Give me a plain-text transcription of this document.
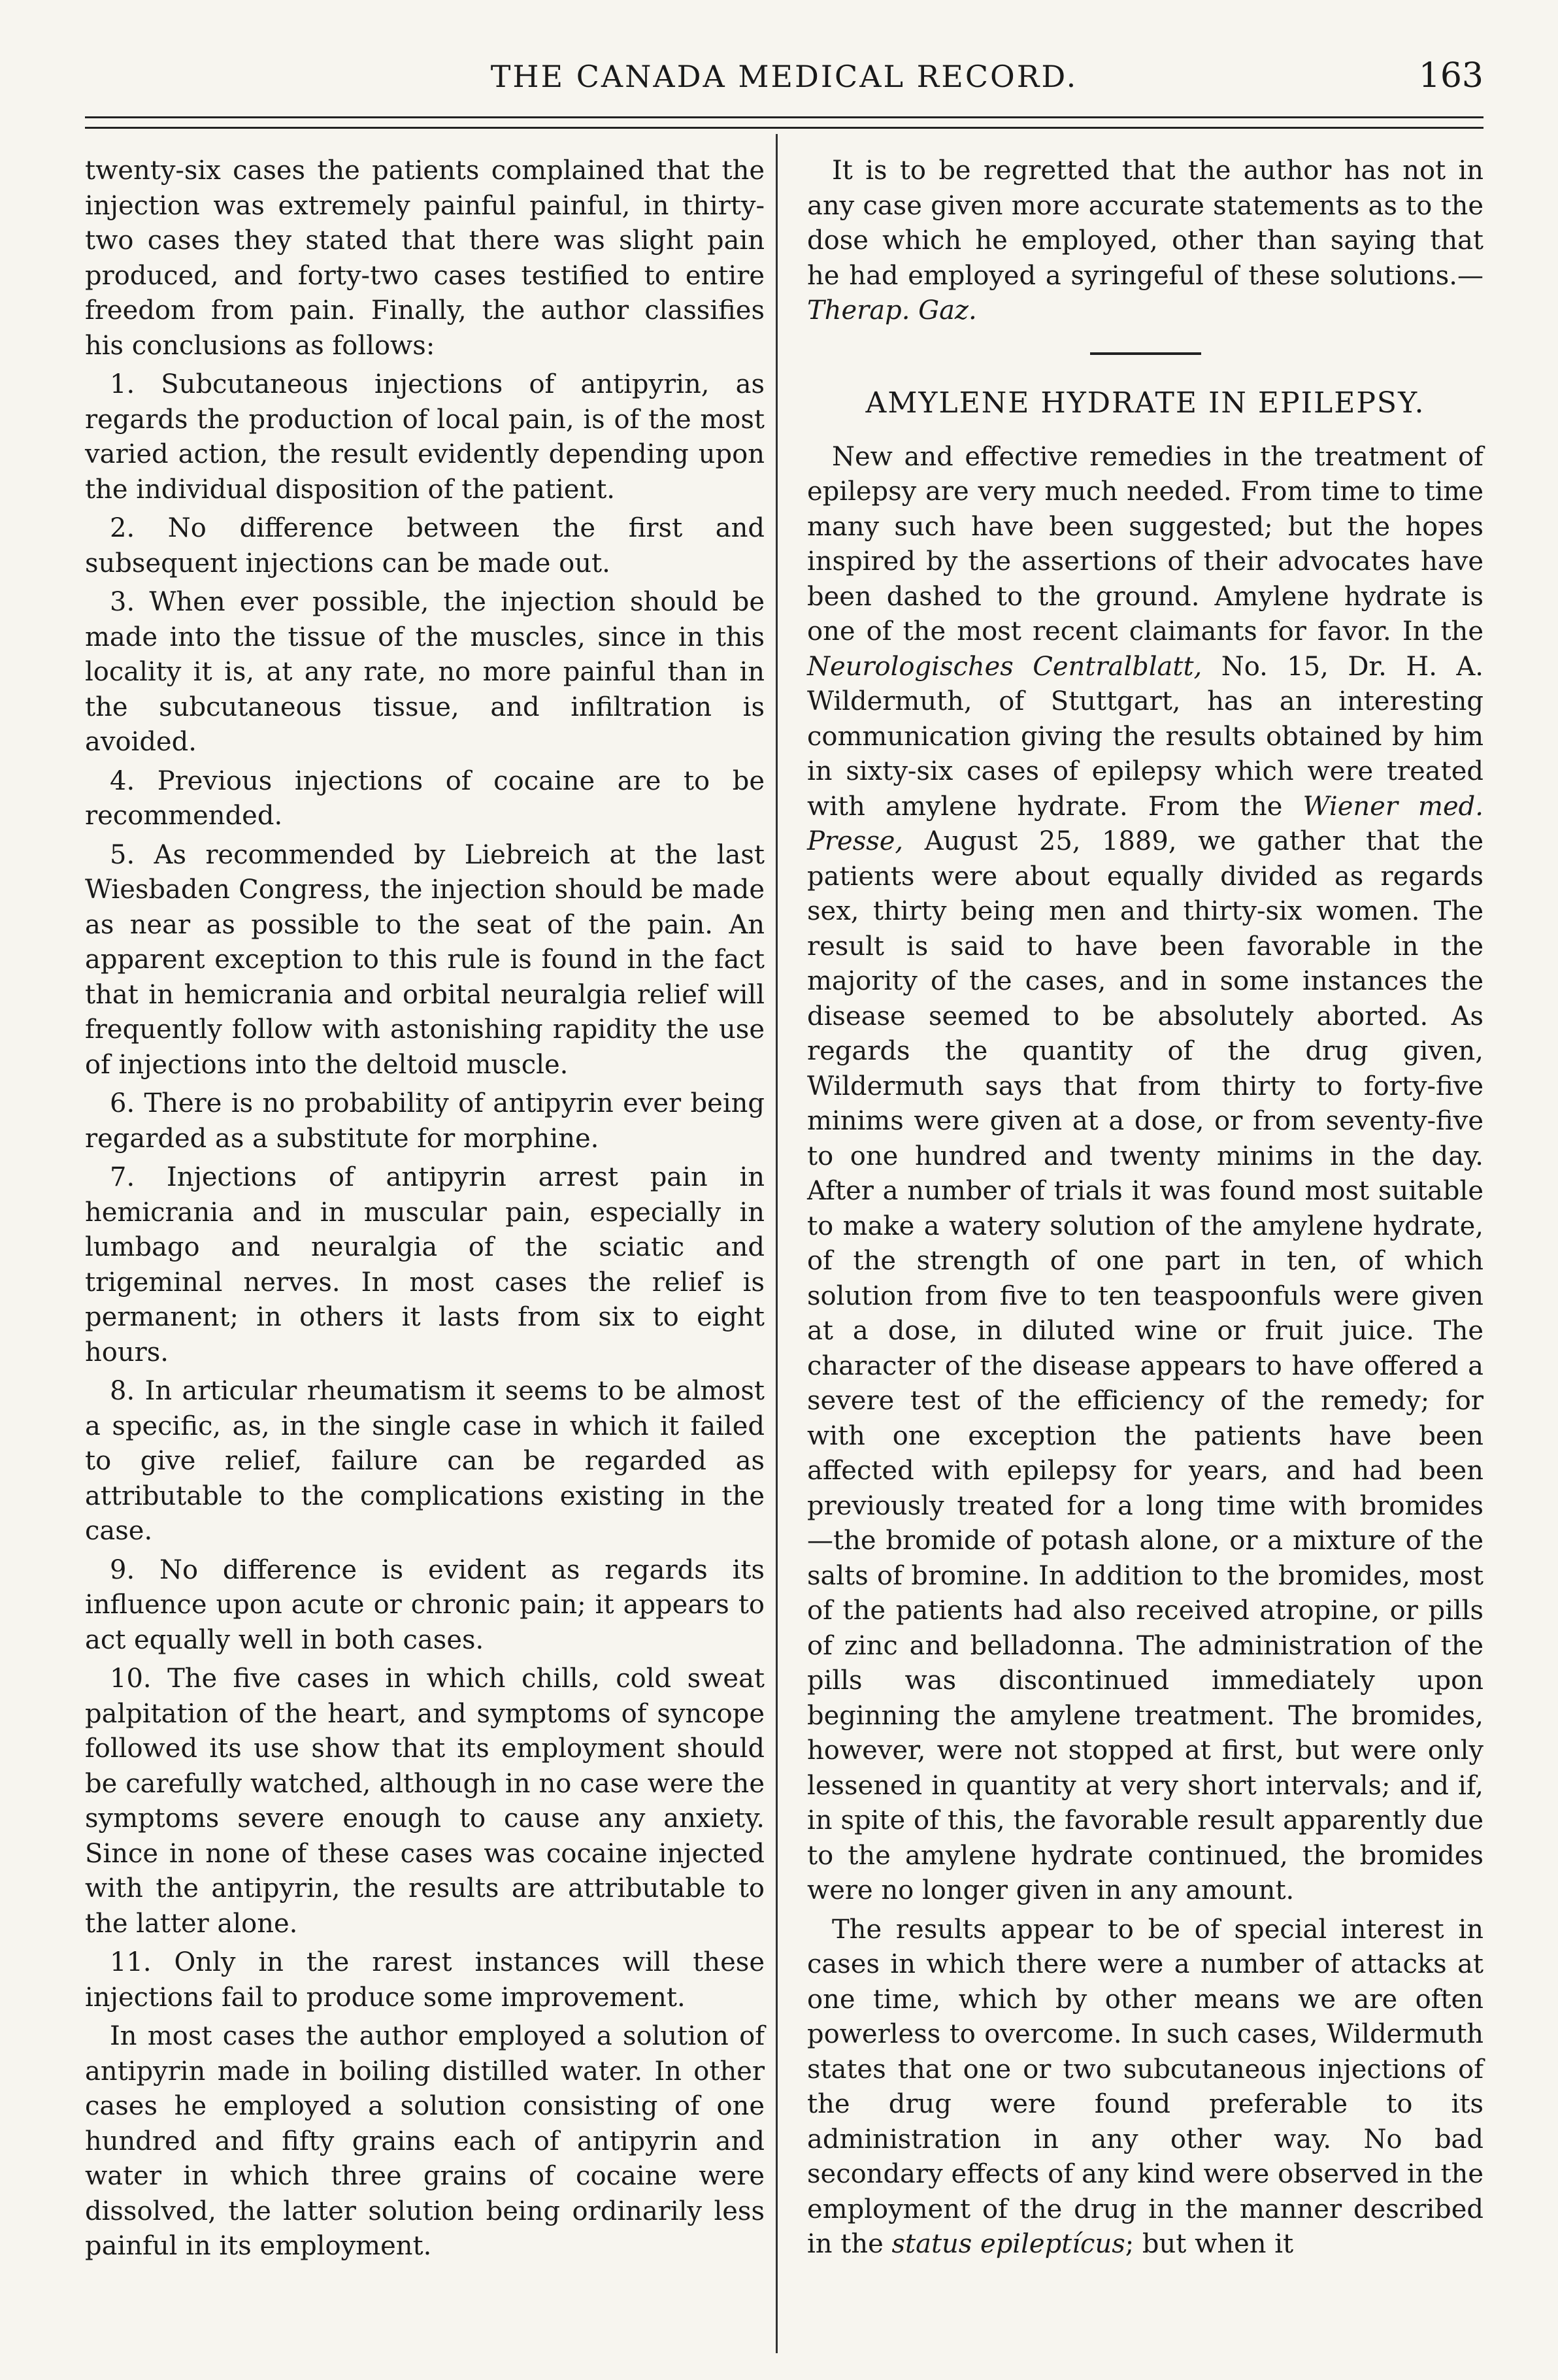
THE CANADA MEDICAL RECORD.	163

twenty-six cases the patients complained that the injection was extremely painful painful, in thirty-two cases they stated that there was slight pain produced, and forty-two cases testified to entire freedom from pain. Finally, the author classifies his conclusions as follows:

1. Subcutaneous injections of antipyrin, as regards the production of local pain, is of the most varied action, the result evidently depending upon the individual disposition of the patient.

2. No difference between the first and subsequent injections can be made out.

3. When ever possible, the injection should be made into the tissue of the muscles, since in this locality it is, at any rate, no more painful than in the subcutaneous tissue, and infiltration is avoided.

4. Previous injections of cocaine are to be recommended.

5. As recommended by Liebreich at the last Wiesbaden Congress, the injection should be made as near as possible to the seat of the pain. An apparent exception to this rule is found in the fact that in hemicrania and orbital neuralgia relief will frequently follow with astonishing rapidity the use of injections into the deltoid muscle.

6. There is no probability of antipyrin ever being regarded as a substitute for morphine.

7. Injections of antipyrin arrest pain in hemicrania and in muscular pain, especially in lumbago and neuralgia of the sciatic and trigeminal nerves. In most cases the relief is permanent; in others it lasts from six to eight hours.

8. In articular rheumatism it seems to be almost a specific, as, in the single case in which it failed to give relief, failure can be regarded as attributable to the complications existing in the case.

9. No difference is evident as regards its influence upon acute or chronic pain; it appears to act equally well in both cases.

10. The five cases in which chills, cold sweat palpitation of the heart, and symptoms of syncope followed its use show that its employment should be carefully watched, although in no case were the symptoms severe enough to cause any anxiety. Since in none of these cases was cocaine injected with the antipyrin, the results are attributable to the latter alone.

11. Only in the rarest instances will these injections fail to produce some improvement.

In most cases the author employed a solution of antipyrin made in boiling distilled water. In other cases he employed a solution consisting of one hundred and fifty grains each of antipyrin and water in which three grains of cocaine were dissolved, the latter solution being ordinarily less painful in its employment.

It is to be regretted that the author has not in any case given more accurate statements as to the dose which he employed, other than saying that he had employed a syringeful of these solutions.—Therap. Gaz.

AMYLENE HYDRATE IN EPILEPSY.

New and effective remedies in the treatment of epilepsy are very much needed. From time to time many such have been suggested; but the hopes inspired by the assertions of their advocates have been dashed to the ground. Amylene hydrate is one of the most recent claimants for favor. In the Neurologisches Centralblatt, No. 15, Dr. H. A. Wildermuth, of Stuttgart, has an interesting communication giving the results obtained by him in sixty-six cases of epilepsy which were treated with amylene hydrate. From the Wiener med. Presse, August 25, 1889, we gather that the patients were about equally divided as regards sex, thirty being men and thirty-six women. The result is said to have been favorable in the majority of the cases, and in some instances the disease seemed to be absolutely aborted. As regards the quantity of the drug given, Wildermuth says that from thirty to forty-five minims were given at a dose, or from seventy-five to one hundred and twenty minims in the day. After a number of trials it was found most suitable to make a watery solution of the amylene hydrate, of the strength of one part in ten, of which solution from five to ten teaspoonfuls were given at a dose, in diluted wine or fruit juice. The character of the disease appears to have offered a severe test of the efficiency of the remedy; for with one exception the patients have been affected with epilepsy for years, and had been previously treated for a long time with bromides —the bromide of potash alone, or a mixture of the salts of bromine. In addition to the bromides, most of the patients had also received atropine, or pills of zinc and belladonna. The administration of the pills was discontinued immediately upon beginning the amylene treatment. The bromides, however, were not stopped at first, but were only lessened in quantity at very short intervals; and if, in spite of this, the favorable result apparently due to the amylene hydrate continued, the bromides were no longer given in any amount.

The results appear to be of special interest in cases in which there were a number of attacks at one time, which by other means we are often powerless to overcome. In such cases, Wildermuth states that one or two subcutaneous injections of the drug were found preferable to its administration in any other way. No bad secondary effects of any kind were observed in the employment of the drug in the manner described in the status epileptícus; but when it
